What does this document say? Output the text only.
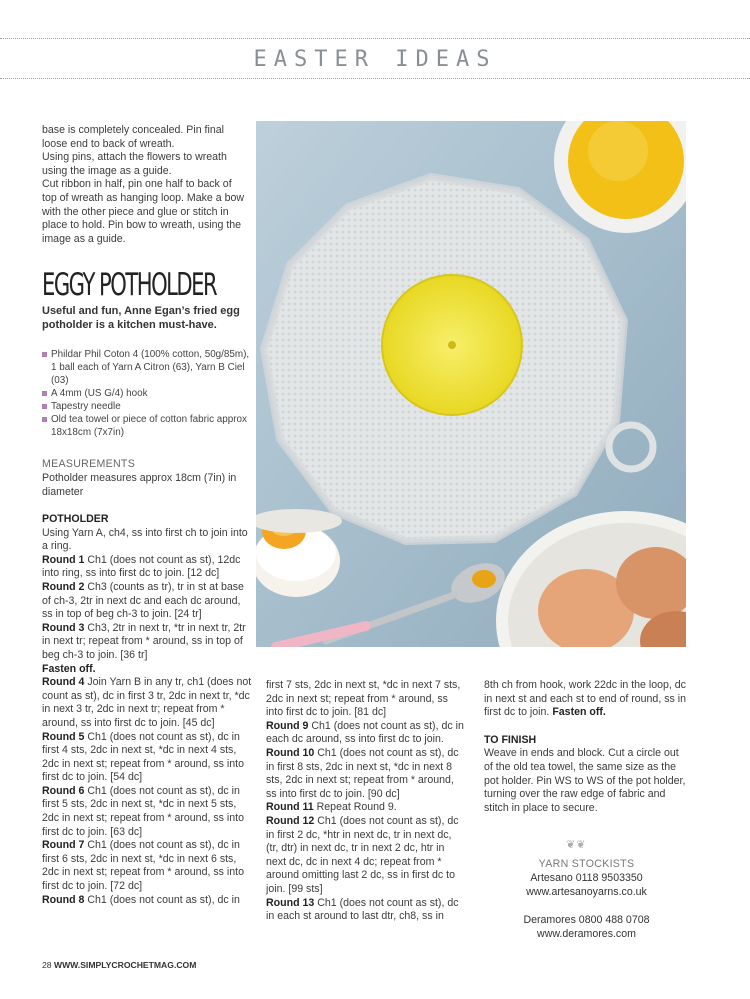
EASTER IDEAS

base is completely concealed. Pin final loose end to back of wreath.

Using pins, attach the flowers to wreath using the image as a guide.

Cut ribbon in half, pin one half to back of top of wreath as hanging loop. Make a bow with the other piece and glue or stitch in place to hold. Pin bow to wreath, using the image as a guide.

EGGY POTHOLDER
Useful and fun, Anne Egan’s fried egg potholder is a kitchen must-have.
Phildar Phil Coton 4 (100% cotton, 50g/85m), 1 ball each of Yarn A Citron (63), Yarn B Ciel (03)
A 4mm (US G/4) hook
Tapestry needle
Old tea towel or piece of cotton fabric approx 18x18cm (7x7in)
MEASUREMENTS
Potholder measures approx 18cm (7in) in diameter

POTHOLDER

Using Yarn A, ch4, ss into first ch to join into a ring.

Round 1 Ch1 (does not count as st), 12dc into ring, ss into first dc to join. [12 dc]

Round 2 Ch3 (counts as tr), tr in st at base of ch-3, 2tr in next dc and each dc around, ss in top of beg ch-3 to join. [24 tr]

Round 3 Ch3, 2tr in next tr, *tr in next tr, 2tr in next tr; repeat from * around, ss in top of beg ch-3 to join. [36 tr]

Fasten off.

Round 4 Join Yarn B in any tr, ch1 (does not count as st), dc in first 3 tr, 2dc in next tr, *dc in next 3 tr, 2dc in next tr; repeat from * around, ss into first dc to join. [45 dc]

Round 5 Ch1 (does not count as st), dc in first 4 sts, 2dc in next st, *dc in next 4 sts, 2dc in next st; repeat from * around, ss into first dc to join. [54 dc]

Round 6 Ch1 (does not count as st), dc in first 5 sts, 2dc in next st, *dc in next 5 sts, 2dc in next st; repeat from * around, ss into first dc to join. [63 dc]

Round 7 Ch1 (does not count as st), dc in first 6 sts, 2dc in next st, *dc in next 6 sts, 2dc in next st; repeat from * around, ss into first dc to join. [72 dc]

Round 8 Ch1 (does not count as st), dc in

first 7 sts, 2dc in next st, *dc in next 7 sts, 2dc in next st; repeat from * around, ss into first dc to join. [81 dc]

Round 9 Ch1 (does not count as st), dc in each dc around, ss into first dc to join.

Round 10 Ch1 (does not count as st), dc in first 8 sts, 2dc in next st, *dc in next 8 sts, 2dc in next st; repeat from * around, ss into first dc to join. [90 dc]

Round 11 Repeat Round 9.

Round 12 Ch1 (does not count as st), dc in first 2 dc, *htr in next dc, tr in next dc, (tr, dtr) in next dc, tr in next 2 dc, htr in next dc, dc in next 4 dc; repeat from * around omitting last 2 dc, ss in first dc to join. [99 sts]

Round 13 Ch1 (does not count as st), dc in each st around to last dtr, ch8, ss in

8th ch from hook, work 22dc in the loop, dc in next st and each st to end of round, ss in first dc to join. Fasten off.

TO FINISH

Weave in ends and block. Cut a circle out of the old tea towel, the same size as the pot holder. Pin WS to WS of the pot holder, turning over the raw edge of fabric and stitch in place to secure.

❦❦
YARN STOCKISTS
Artesano 0118 9503350
www.artesanoyarns.co.uk
Deramores 0800 488 0708
www.deramores.com
28 WWW.SIMPLYCROCHETMAG.COM
